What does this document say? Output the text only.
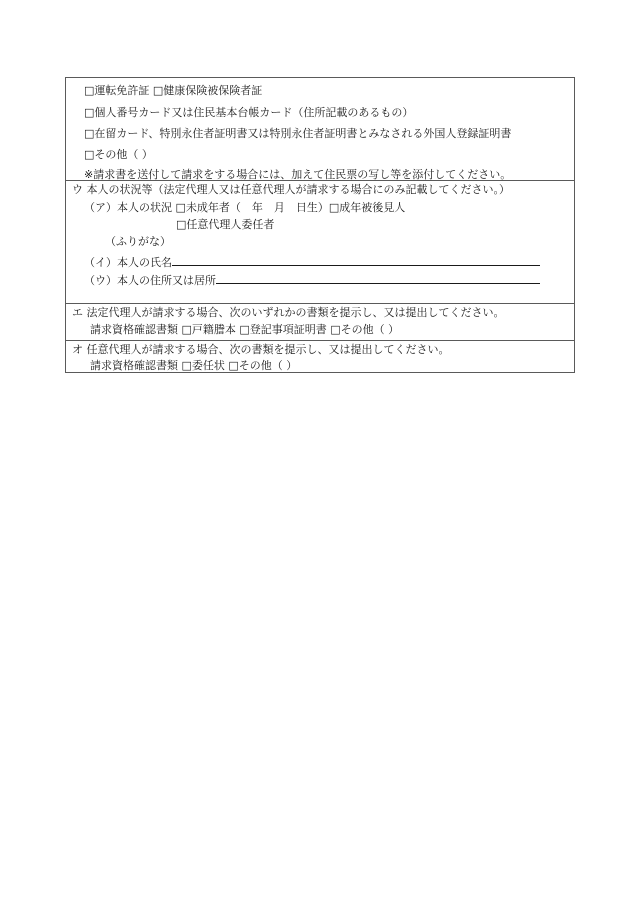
□運転免許証 □健康保険被保険者証
□個人番号カード又は住民基本台帳カード（住所記載のあるもの）
□在留カード、特別永住者証明書又は特別永住者証明書とみなされる外国人登録証明書
□その他（ ）
※請求書を送付して請求をする場合には、加えて住民票の写し等を添付してください。
ウ 本人の状況等（法定代理人又は任意代理人が請求する場合にのみ記載してください。）
（ア）本人の状況 □未成年者（　年　月　日生）□成年被後見人
□任意代理人委任者
（ふりがな）
（イ）本人の氏名
（ウ）本人の住所又は居所
エ 法定代理人が請求する場合、次のいずれかの書類を提示し、又は提出してください。
請求資格確認書類 □戸籍謄本 □登記事項証明書 □その他（ ）
オ 任意代理人が請求する場合、次の書類を提示し、又は提出してください。
請求資格確認書類 □委任状 □その他（ ）
